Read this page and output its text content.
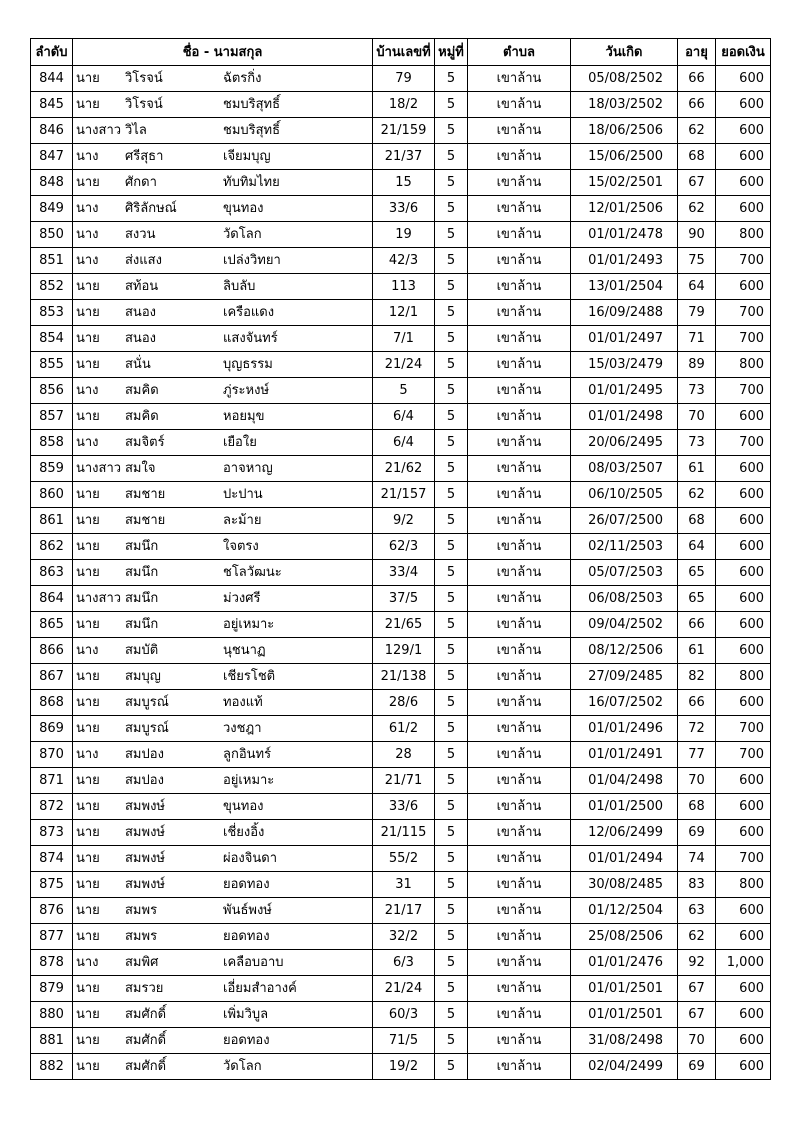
ลำดับ	ชื่อ - นามสกุล	บ้านเลขที่	หมู่ที่	ตำบล	วันเกิด	อายุ	ยอดเงิน
844	นาย วิโรจน์ ฉัตรกิ่ง	79	5	เขาล้าน	05/08/2502	66	600
845	นาย วิโรจน์ ชมบริสุทธิ์	18/2	5	เขาล้าน	18/03/2502	66	600
846	นางสาว วิไล ชมบริสุทธิ์	21/159	5	เขาล้าน	18/06/2506	62	600
847	นาง ศรีสุธา เจียมบุญ	21/37	5	เขาล้าน	15/06/2500	68	600
848	นาย ศักดา ทับทิมไทย	15	5	เขาล้าน	15/02/2501	67	600
849	นาง ศิริลักษณ์ ขุนทอง	33/6	5	เขาล้าน	12/01/2506	62	600
850	นาง สงวน วัดโลก	19	5	เขาล้าน	01/01/2478	90	800
851	นาง ส่งแสง เปล่งวิทยา	42/3	5	เขาล้าน	01/01/2493	75	700
852	นาย สท้อน ลิบลับ	113	5	เขาล้าน	13/01/2504	64	600
853	นาย สนอง เครือแดง	12/1	5	เขาล้าน	16/09/2488	79	700
854	นาย สนอง แสงจันทร์	7/1	5	เขาล้าน	01/01/2497	71	700
855	นาย สนั่น บุญธรรม	21/24	5	เขาล้าน	15/03/2479	89	800
856	นาง สมคิด ภู่ระหงษ์	5	5	เขาล้าน	01/01/2495	73	700
857	นาย สมคิด หอยมุข	6/4	5	เขาล้าน	01/01/2498	70	600
858	นาง สมจิตร์ เยือใย	6/4	5	เขาล้าน	20/06/2495	73	700
859	นางสาว สมใจ อาจหาญ	21/62	5	เขาล้าน	08/03/2507	61	600
860	นาย สมชาย ปะปาน	21/157	5	เขาล้าน	06/10/2505	62	600
861	นาย สมชาย ละม้าย	9/2	5	เขาล้าน	26/07/2500	68	600
862	นาย สมนึก ใจตรง	62/3	5	เขาล้าน	02/11/2503	64	600
863	นาย สมนึก ชโลวัฒนะ	33/4	5	เขาล้าน	05/07/2503	65	600
864	นางสาว สมนึก ม่วงศรี	37/5	5	เขาล้าน	06/08/2503	65	600
865	นาย สมนึก อยู่เหมาะ	21/65	5	เขาล้าน	09/04/2502	66	600
866	นาง สมบัติ นุชนาฏ	129/1	5	เขาล้าน	08/12/2506	61	600
867	นาย สมบุญ เชียรโชติ	21/138	5	เขาล้าน	27/09/2485	82	800
868	นาย สมบูรณ์ ทองแท้	28/6	5	เขาล้าน	16/07/2502	66	600
869	นาย สมบูรณ์ วงชฎา	61/2	5	เขาล้าน	01/01/2496	72	700
870	นาง สมปอง ลูกอินทร์	28	5	เขาล้าน	01/01/2491	77	700
871	นาย สมปอง อยู่เหมาะ	21/71	5	เขาล้าน	01/04/2498	70	600
872	นาย สมพงษ์ ขุนทอง	33/6	5	เขาล้าน	01/01/2500	68	600
873	นาย สมพงษ์ เชี่ยงอิ้ง	21/115	5	เขาล้าน	12/06/2499	69	600
874	นาย สมพงษ์ ผ่องจินดา	55/2	5	เขาล้าน	01/01/2494	74	700
875	นาย สมพงษ์ ยอดทอง	31	5	เขาล้าน	30/08/2485	83	800
876	นาย สมพร พันธ์พงษ์	21/17	5	เขาล้าน	01/12/2504	63	600
877	นาย สมพร ยอดทอง	32/2	5	เขาล้าน	25/08/2506	62	600
878	นาง สมพิศ เคลือบอาบ	6/3	5	เขาล้าน	01/01/2476	92	1,000
879	นาย สมรวย เอี่ยมสำอางค์	21/24	5	เขาล้าน	01/01/2501	67	600
880	นาย สมศักดิ์ เพิ่มวิบูล	60/3	5	เขาล้าน	01/01/2501	67	600
881	นาย สมศักดิ์ ยอดทอง	71/5	5	เขาล้าน	31/08/2498	70	600
882	นาย สมศักดิ์ วัดโลก	19/2	5	เขาล้าน	02/04/2499	69	600
